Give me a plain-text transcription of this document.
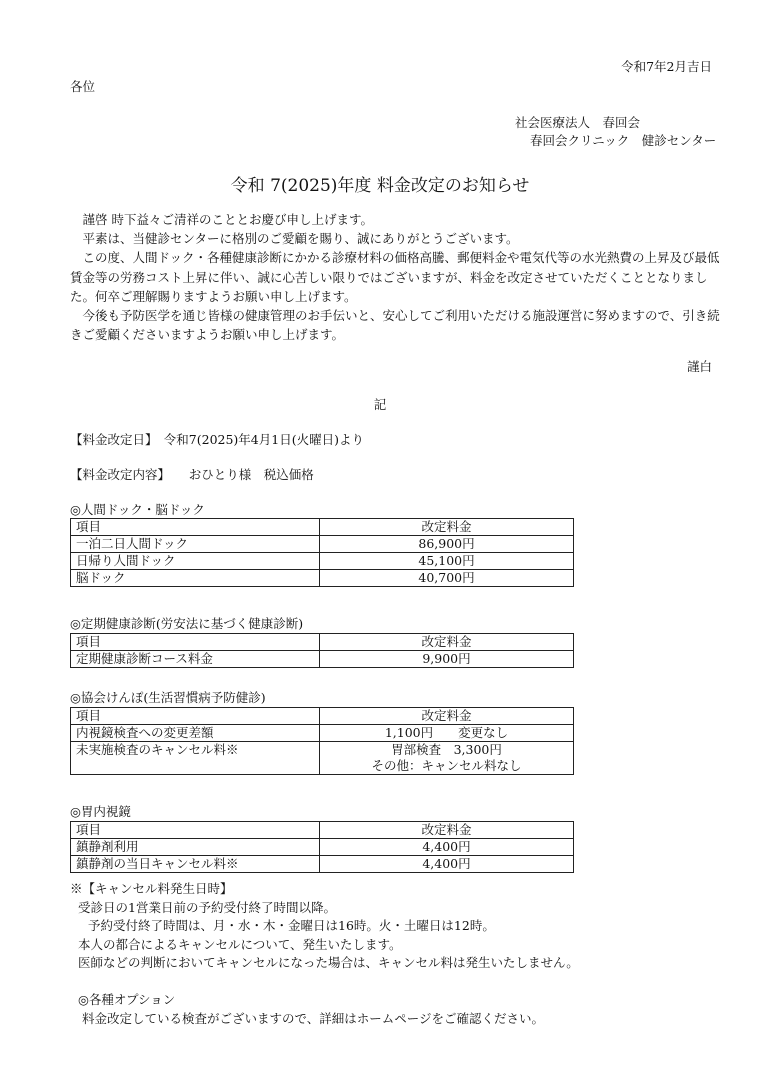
令和7年2月吉日
各位
社会医療法人　春回会
春回会クリニック　健診センター
令和 7(2025)年度 料金改定のお知らせ

謹啓 時下益々ご清祥のこととお慶び申し上げます。

平素は、当健診センターに格別のご愛顧を賜り、誠にありがとうございます。

この度、人間ドック・各種健康診断にかかる診療材料の価格高騰、郵便料金や電気代等の水光熱費の上昇及び最低賃金等の労務コスト上昇に伴い、誠に心苦しい限りではございますが、料金を改定させていただくこととなりました。何卒ご理解賜りますようお願い申し上げます。

今後も予防医学を通じ皆様の健康管理のお手伝いと、安心してご利用いただける施設運営に努めますので、引き続きご愛顧くださいますようお願い申し上げます。

謹白
記
【料金改定日】　 令和7(2025)年4月1日(火曜日)より
【料金改定内容】　　 おひとり様　税込価格
◎人間ドック・脳ドック
項目	改定料金
一泊二日人間ドック	86,900円
日帰り人間ドック	45,100円
脳ドック	40,700円
◎定期健康診断(労安法に基づく健康診断)
項目	改定料金
定期健康診断コース料金	9,900円
◎協会けんぽ(生活習慣病予防健診)
項目	改定料金
内視鏡検査への変更差額	1,100円　　変更なし
未実施検査のキャンセル料※	胃部検査　3,300円
その他：キャンセル料なし
◎胃内視鏡
項目	改定料金
鎮静剤利用	4,400円
鎮静剤の当日キャンセル料※	4,400円
※【キャンセル料発生日時】
受診日の1営業日前の予約受付終了時間以降。
予約受付終了時間は、月・水・木・金曜日は16時。火・土曜日は12時。
本人の都合によるキャンセルについて、発生いたします。
医師などの判断においてキャンセルになった場合は、キャンセル料は発生いたしません。
◎各種オプション
料金改定している検査がございますので、詳細はホームページをご確認ください。
